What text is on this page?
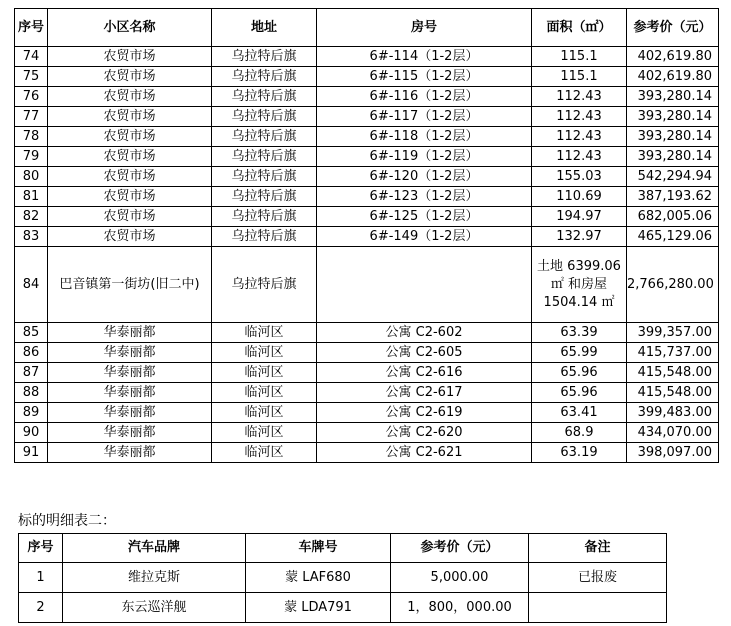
序号	小区名称	地址	房号	面积（㎡）	参考价（元）
74	农贸市场	乌拉特后旗	6#-114（1-2层）	115.1	402,619.80
75	农贸市场	乌拉特后旗	6#-115（1-2层）	115.1	402,619.80
76	农贸市场	乌拉特后旗	6#-116（1-2层）	112.43	393,280.14
77	农贸市场	乌拉特后旗	6#-117（1-2层）	112.43	393,280.14
78	农贸市场	乌拉特后旗	6#-118（1-2层）	112.43	393,280.14
79	农贸市场	乌拉特后旗	6#-119（1-2层）	112.43	393,280.14
80	农贸市场	乌拉特后旗	6#-120（1-2层）	155.03	542,294.94
81	农贸市场	乌拉特后旗	6#-123（1-2层）	110.69	387,193.62
82	农贸市场	乌拉特后旗	6#-125（1-2层）	194.97	682,005.06
83	农贸市场	乌拉特后旗	6#-149（1-2层）	132.97	465,129.06
84	巴音镇第一街坊(旧二中)	乌拉特后旗		土地 6399.06 ㎡ 和房屋 1504.14 ㎡	2,766,280.00
85	华泰丽都	临河区	公寓 C2-602	63.39	399,357.00
86	华泰丽都	临河区	公寓 C2-605	65.99	415,737.00
87	华泰丽都	临河区	公寓 C2-616	65.96	415,548.00
88	华泰丽都	临河区	公寓 C2-617	65.96	415,548.00
89	华泰丽都	临河区	公寓 C2-619	63.41	399,483.00
90	华泰丽都	临河区	公寓 C2-620	68.9	434,070.00
91	华泰丽都	临河区	公寓 C2-621	63.19	398,097.00
标的明细表二：
序号	汽车品牌	车牌号	参考价（元）	备注
1	维拉克斯	蒙 LAF680	5,000.00	已报废
2	东云巡洋舰	蒙 LDA791	1，800，000.00	
